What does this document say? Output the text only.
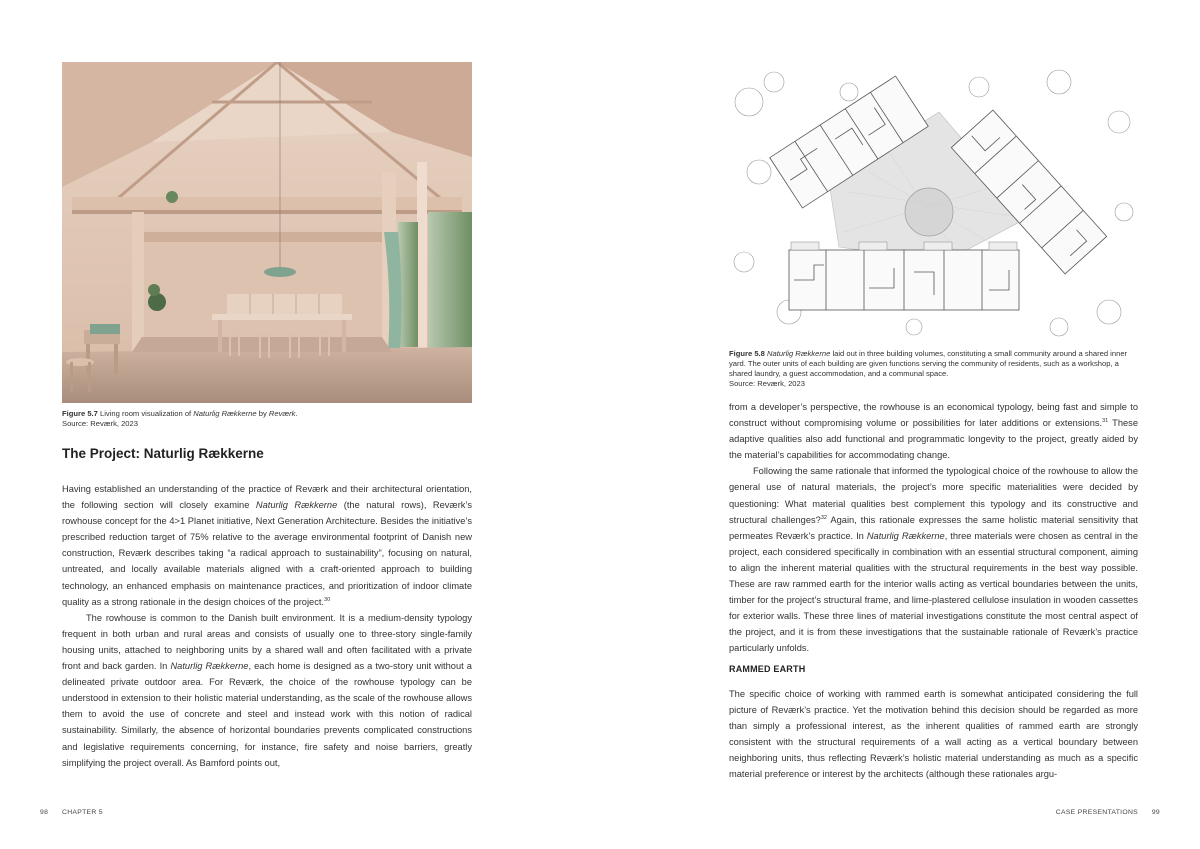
Figure 5.7 Living room visualization of Naturlig Rækkerne by Reværk.
Source: Reværk, 2023
The Project: Naturlig Rækkerne

Having established an understanding of the practice of Reværk and their architectural orientation, the following section will closely examine Naturlig Rækkerne (the natural rows), Reværk’s rowhouse concept for the 4>1 Planet initiative, Next Generation Architecture. Besides the initiative’s prescribed reduction target of 75% relative to the average environmental footprint of Danish new construction, Reværk describes taking “a radical approach to sustainability”, focusing on natural, untreated, and locally available materials aligned with a craft-oriented approach to building technology, an enhanced emphasis on maintenance practices, and prioritization of indoor climate quality as a strong rationale in the design choices of the project.$^{30}$

The rowhouse is common to the Danish built environment. It is a medium-density typology frequent in both urban and rural areas and consists of usually one to three-story single-family housing units, attached to neighboring units by a shared wall and often facilitated with a private front and back garden. In Naturlig Rækkerne, each home is designed as a two-story unit without a delineated private outdoor area. For Reværk, the choice of the rowhouse typology can be understood in extension to their holistic material understanding, as the scale of the rowhouse allows them to avoid the use of concrete and steel and instead work with this notion of radical sustainability. Similarly, the absence of horizontal boundaries prevents complicated constructions and legislative requirements concerning, for instance, fire safety and noise barriers, greatly simplifying the project overall. As Bamford points out,

Figure 5.8 Naturlig Rækkerne laid out in three building volumes, constituting a small community around a shared inner yard. The outer units of each building are given functions serving the community of residents, such as a workshop, a shared laundry, a guest accommodation, and a communal space.
Source: Reværk, 2023

from a developer’s perspective, the rowhouse is an economical typology, being fast and simple to construct without compromising volume or possibilities for later additions or extensions.$^{31}$ These adaptive qualities also add functional and programmatic longevity to the project, greatly aided by the material’s capabilities for accommodating change.

Following the same rationale that informed the typological choice of the rowhouse to allow the general use of natural materials, the project’s more specific materialities were decided by questioning: What material qualities best complement this typology and its constructive and structural challenges?$^{32}$ Again, this rationale expresses the same holistic material sensitivity that permeates Reværk’s practice. In Naturlig Rækkerne, three materials were chosen as central in the project, each considered specifically in combination with an essential structural component, aiming to align the inherent material qualities with the structural requirements in the best way possible. These are raw rammed earth for the interior walls acting as vertical boundaries between the units, timber for the project’s structural frame, and lime-plastered cellulose insulation in wooden cassettes for exterior walls. These three lines of material investigations constitute the most central aspect of the project, and it is from these investigations that the sustainable rationale of Reværk’s practice particularly unfolds.

RAMMED EARTH

The specific choice of working with rammed earth is somewhat anticipated considering the full picture of Reværk’s practice. Yet the motivation behind this decision should be regarded as more than simply a professional interest, as the inherent qualities of rammed earth are strongly consistent with the structural requirements of a wall acting as a vertical boundary between neighboring units, thus reflecting Reværk’s holistic material understanding as much as a specific material preference or interest by the architects (although these rationales argu-

98 CHAPTER 5	CASE PRESENTATIONS 99
